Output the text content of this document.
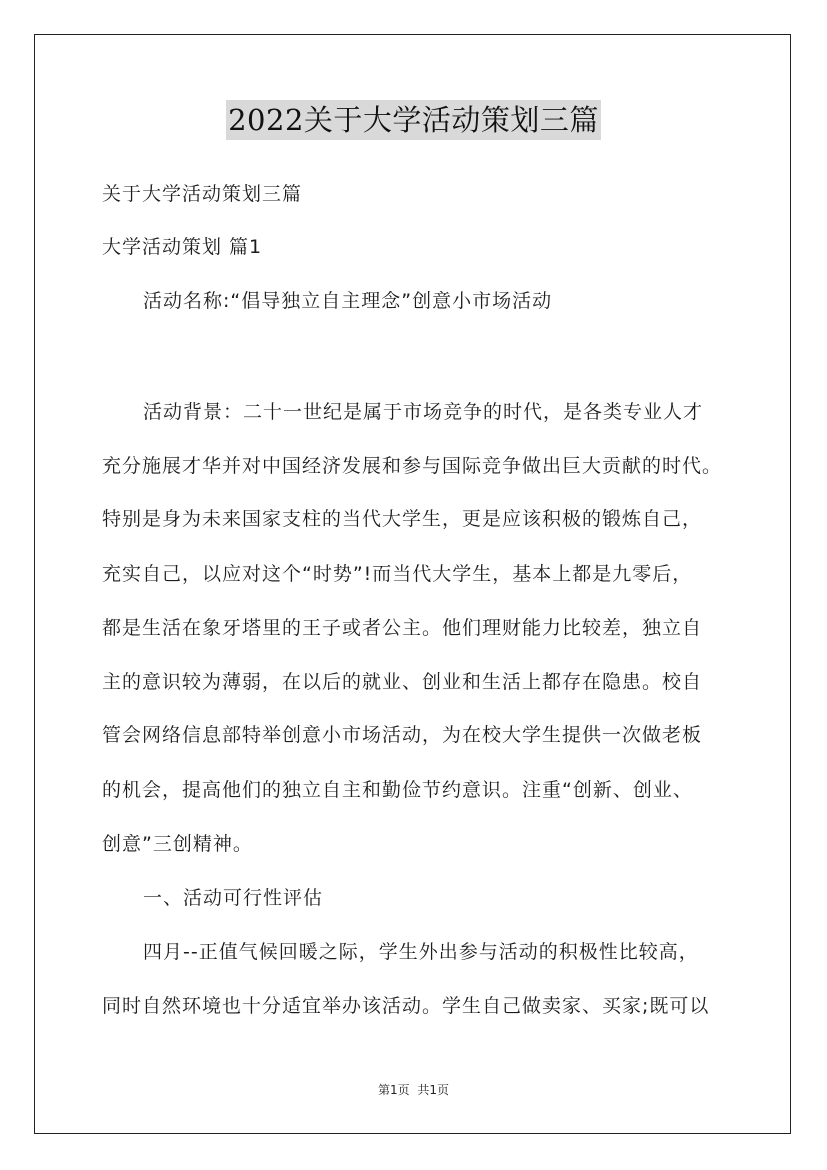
2022关于大学活动策划三篇
关于大学活动策划三篇
大学活动策划 篇1
活动名称:“倡导独立自主理念”创意小市场活动
活动背景：二十一世纪是属于市场竞争的时代，是各类专业人才
充分施展才华并对中国经济发展和参与国际竞争做出巨大贡献的时代。
特别是身为未来国家支柱的当代大学生，更是应该积极的锻炼自己，
充实自己，以应对这个“时势”!而当代大学生，基本上都是九零后，
都是生活在象牙塔里的王子或者公主。他们理财能力比较差，独立自
主的意识较为薄弱，在以后的就业、创业和生活上都存在隐患。校自
管会网络信息部特举创意小市场活动，为在校大学生提供一次做老板
的机会，提高他们的独立自主和勤俭节约意识。注重“创新、创业、
创意”三创精神。
一、活动可行性评估
四月--正值气候回暖之际，学生外出参与活动的积极性比较高，
同时自然环境也十分适宜举办该活动。学生自己做卖家、买家;既可以
第1页 共1页
